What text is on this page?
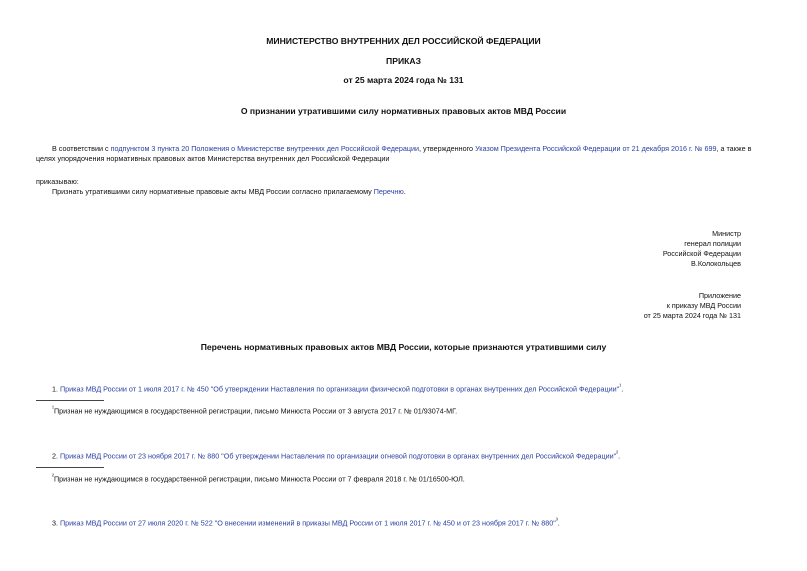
МИНИСТЕРСТВО ВНУТРЕННИХ ДЕЛ РОССИЙСКОЙ ФЕДЕРАЦИИ
ПРИКАЗ
от 25 марта 2024 года № 131
О признании утратившими силу нормативных правовых актов МВД России
В соответствии с подпунктом 3 пункта 20 Положения о Министерстве внутренних дел Российской Федерации, утвержденного Указом Президента Российской Федерации от 21 декабря 2016 г. № 699, а также в целях упорядочения нормативных правовых актов Министерства внутренних дел Российской Федерации
приказываю:
Признать утратившими силу нормативные правовые акты МВД России согласно прилагаемому Перечню.
Министр
генерал полиции
Российской Федерации
В.Колокольцев
Приложение
к приказу МВД России
от 25 марта 2024 года № 131
Перечень нормативных правовых актов МВД России, которые признаются утратившими силу
1. Приказ МВД России от 1 июля 2017 г. № 450 "Об утверждении Наставления по организации физической подготовки в органах внутренних дел Российской Федерации"$^{^1}$.
$^{^1}$Признан не нуждающимся в государственной регистрации, письмо Минюста России от 3 августа 2017 г. № 01/93074-МГ.
2. Приказ МВД России от 23 ноября 2017 г. № 880 "Об утверждении Наставления по организации огневой подготовки в органах внутренних дел Российской Федерации"$^{^2}$.
$^{^2}$Признан не нуждающимся в государственной регистрации, письмо Минюста России от 7 февраля 2018 г. № 01/16500-ЮЛ.
3. Приказ МВД России от 27 июля 2020 г. № 522 "О внесении изменений в приказы МВД России от 1 июля 2017 г. № 450 и от 23 ноября 2017 г. № 880"$^{^3}$.
